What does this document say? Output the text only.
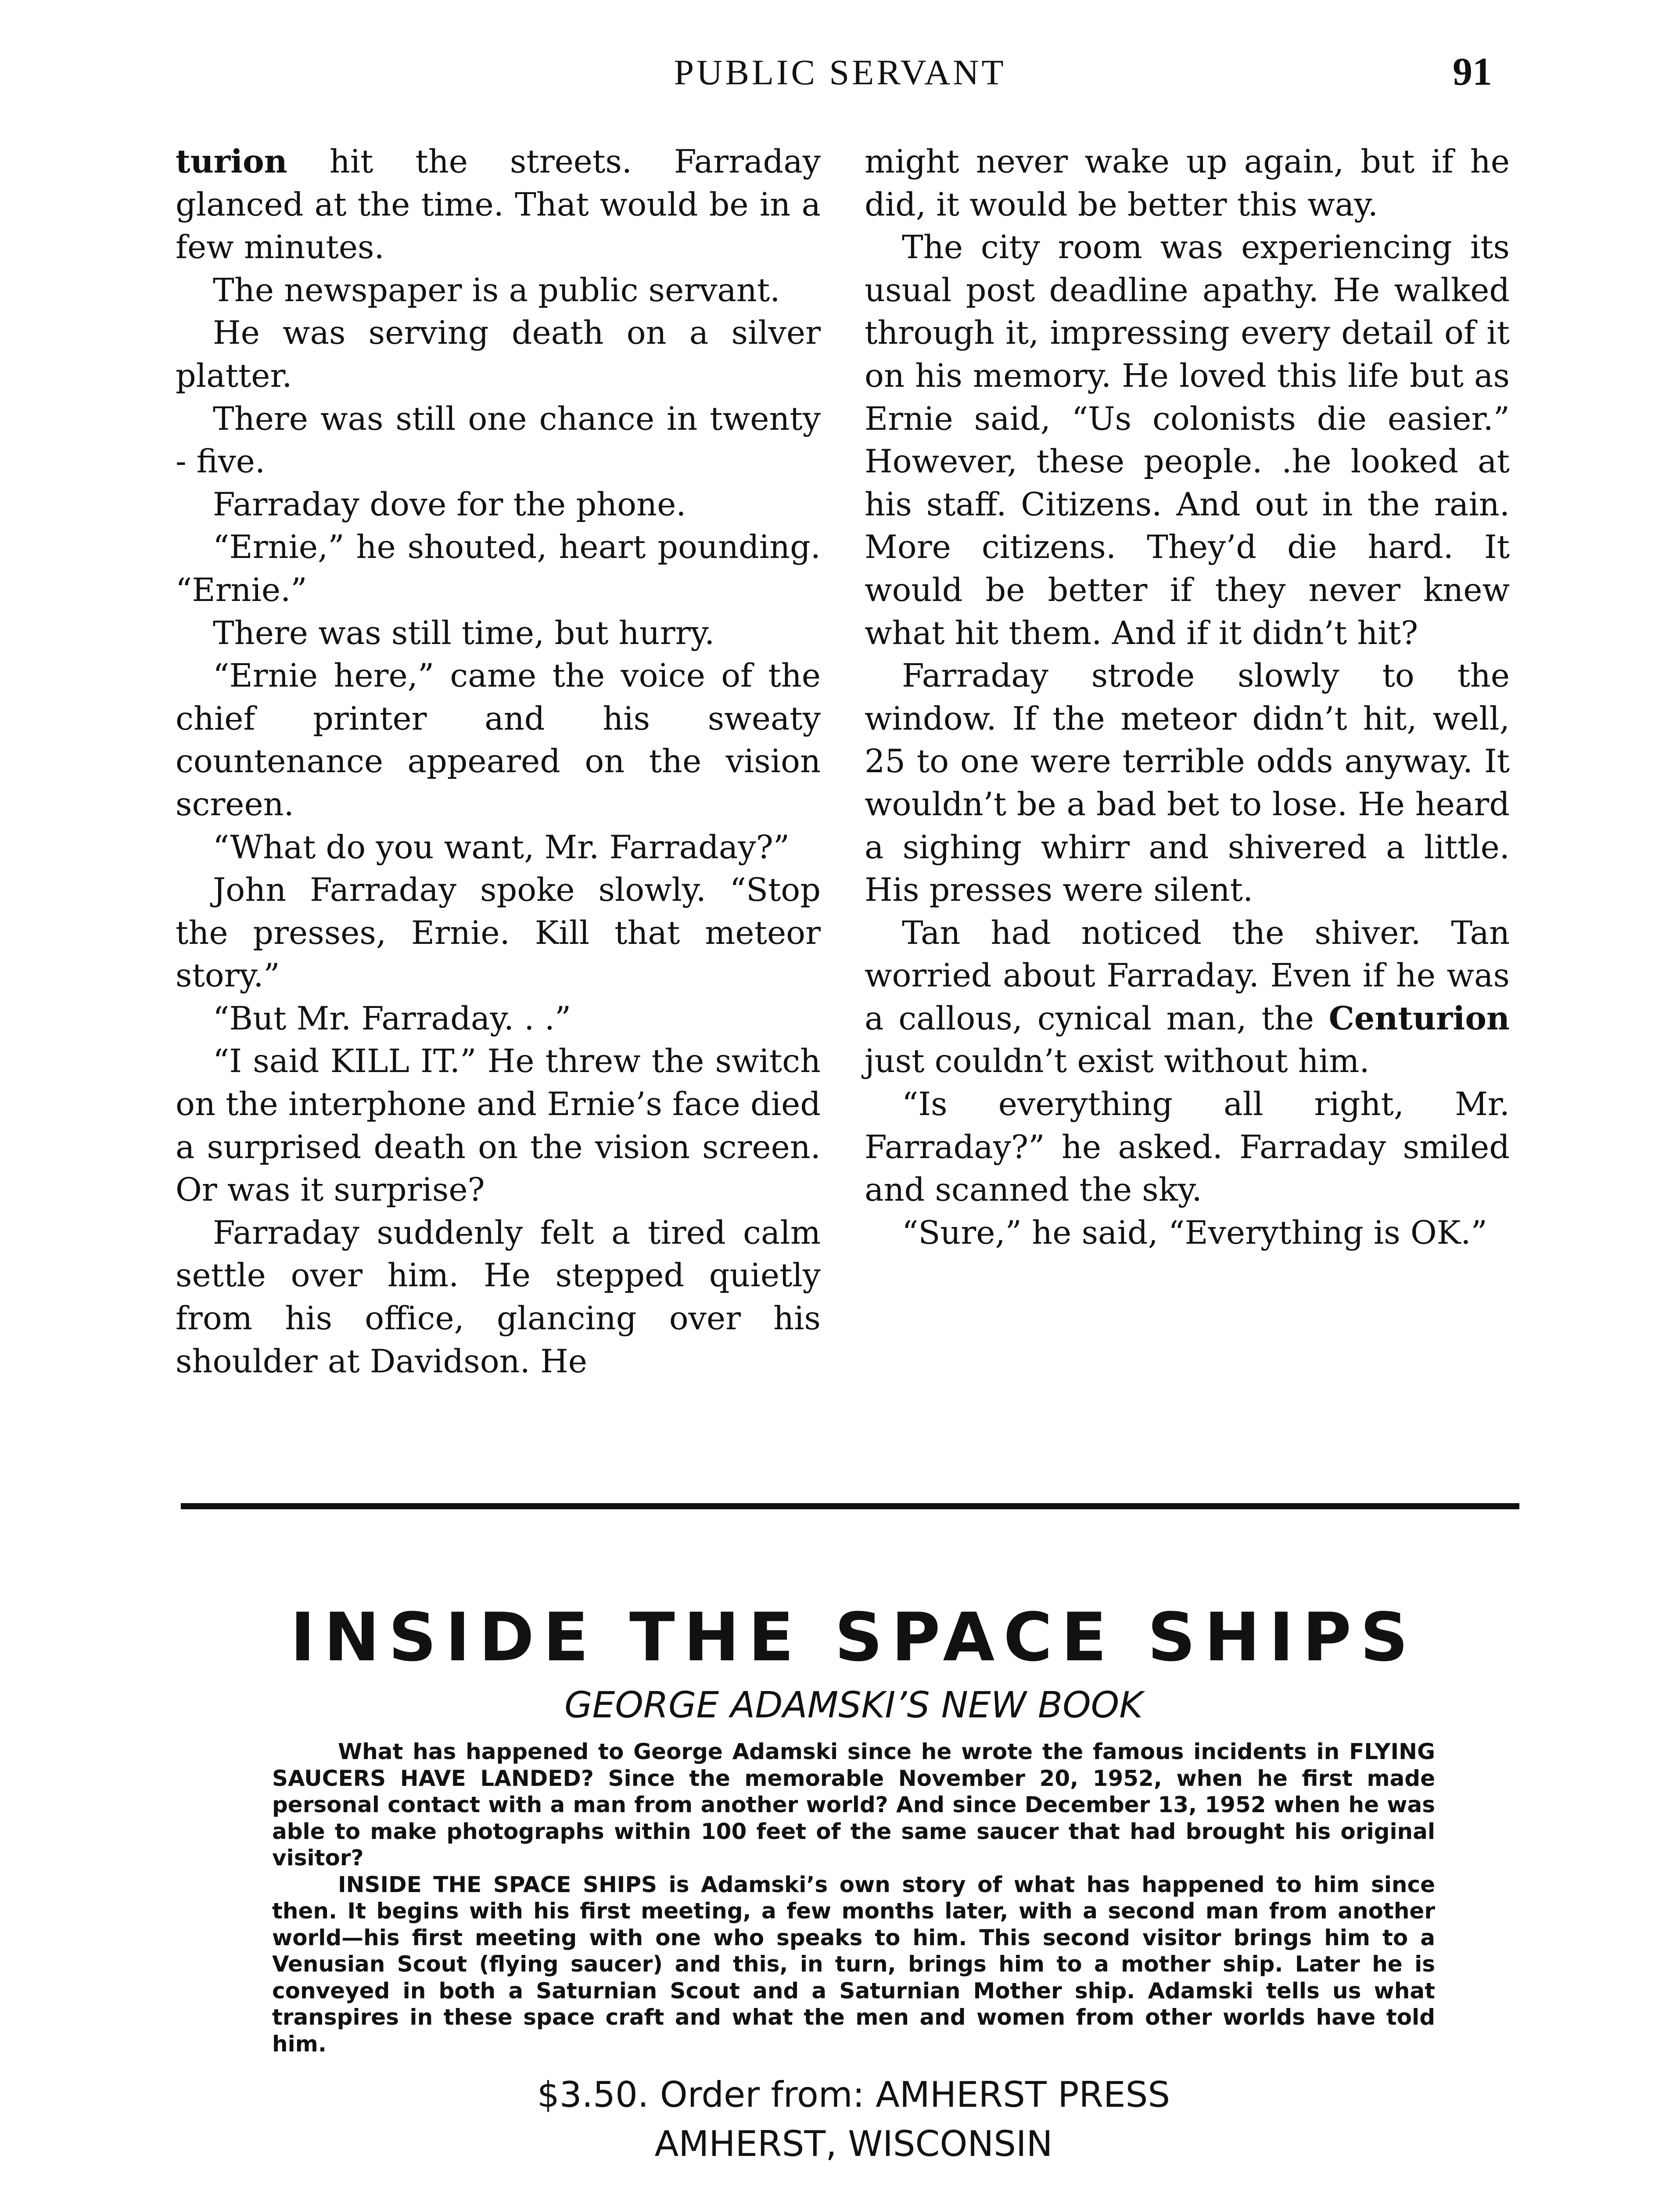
PUBLIC SERVANT	91

turion hit the streets. Farraday glanced at the time. That would be in a few minutes.

The newspaper is a public servant.

He was serving death on a silver platter.

There was still one chance in twenty - five.

Farraday dove for the phone.

“Ernie,” he shouted, heart pounding. “Ernie.”

There was still time, but hurry.

“Ernie here,” came the voice of the chief printer and his sweaty countenance appeared on the vision screen.

“What do you want, Mr. Farraday?”

John Farraday spoke slowly. “Stop the presses, Ernie. Kill that meteor story.”

“But Mr. Farraday. . .”

“I said KILL IT.” He threw the switch on the interphone and Ernie’s face died a surprised death on the vision screen. Or was it surprise?

Farraday suddenly felt a tired calm settle over him. He stepped quietly from his office, glancing over his shoulder at Davidson. He

might never wake up again, but if he did, it would be better this way.

The city room was experiencing its usual post deadline apathy. He walked through it, impressing every detail of it on his memory. He loved this life but as Ernie said, “Us colonists die easier.” However, these people. .he looked at his staff. Citizens. And out in the rain. More citizens. They’d die hard. It would be better if they never knew what hit them. And if it didn’t hit?

Farraday strode slowly to the window. If the meteor didn’t hit, well, 25 to one were terrible odds anyway. It wouldn’t be a bad bet to lose. He heard a sighing whirr and shivered a little. His presses were silent.

Tan had noticed the shiver. Tan worried about Farraday. Even if he was a callous, cynical man, the Centurion just couldn’t exist without him.

“Is everything all right, Mr. Farraday?” he asked. Farraday smiled and scanned the sky.

“Sure,” he said, “Everything is OK.”

INSIDE THE SPACE SHIPS
GEORGE ADAMSKI’S NEW BOOK

What has happened to George Adamski since he wrote the famous incidents in FLYING SAUCERS HAVE LANDED? Since the memorable November 20, 1952, when he first made personal contact with a man from another world? And since December 13, 1952 when he was able to make photographs within 100 feet of the same saucer that had brought his original visitor?

INSIDE THE SPACE SHIPS is Adamski’s own story of what has happened to him since then. It begins with his first meeting, a few months later, with a second man from another world—his first meeting with one who speaks to him. This second visitor brings him to a Venusian Scout (flying saucer) and this, in turn, brings him to a mother ship. Later he is conveyed in both a Saturnian Scout and a Saturnian Mother ship. Adamski tells us what transpires in these space craft and what the men and women from other worlds have told him.

$3.50. Order from: AMHERST PRESS
AMHERST, WISCONSIN
